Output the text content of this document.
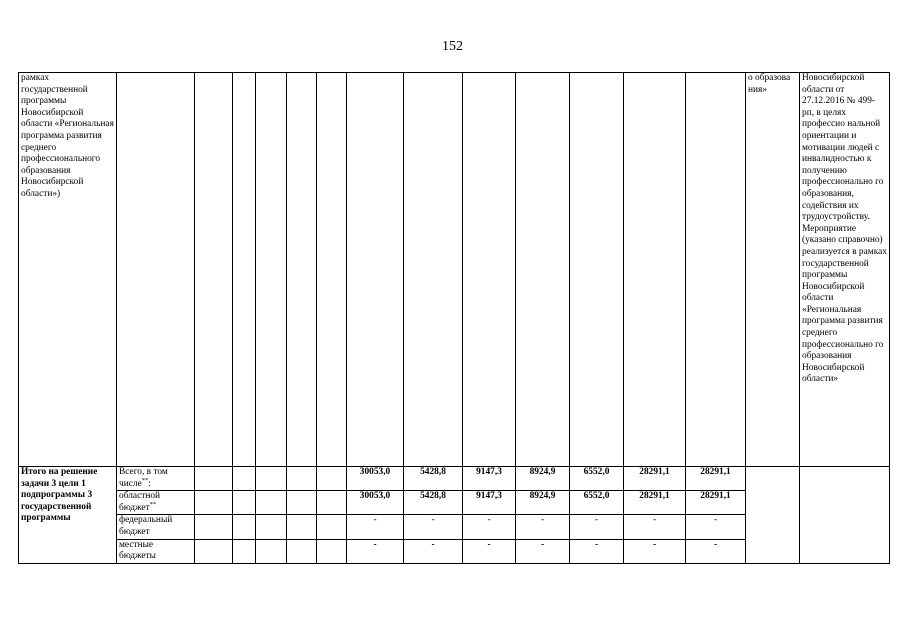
152
рамках государственной программы Новосибирской области «Региональная программа развития среднего профессионального образования Новосибирской области»)														о образова ния»	Новосибирской области от 27.12.2016 № 499-рп, в целях профессио нальной ориентации и мотивации людей с инвалидностью к получению профессионально го образования, содействия их трудоустройству. Мероприятие (указано справочно) реализуется в рамках государственной программы Новосибирской области «Региональная программа развития среднего профессионально го образования Новосибирской области»
Итого на решение задачи 3 цели 1 подпрограммы 3 государственной программы	Всего, в том числе**:						30053,0	5428,8	9147,3	8924,9	6552,0	28291,1	28291,1		
	областной бюджет**						30053,0	5428,8	9147,3	8924,9	6552,0	28291,1	28291,1		
	федеральный бюджет						-	-	-	-	-	-	-		
	местные бюджеты						-	-	-	-	-	-	-		
